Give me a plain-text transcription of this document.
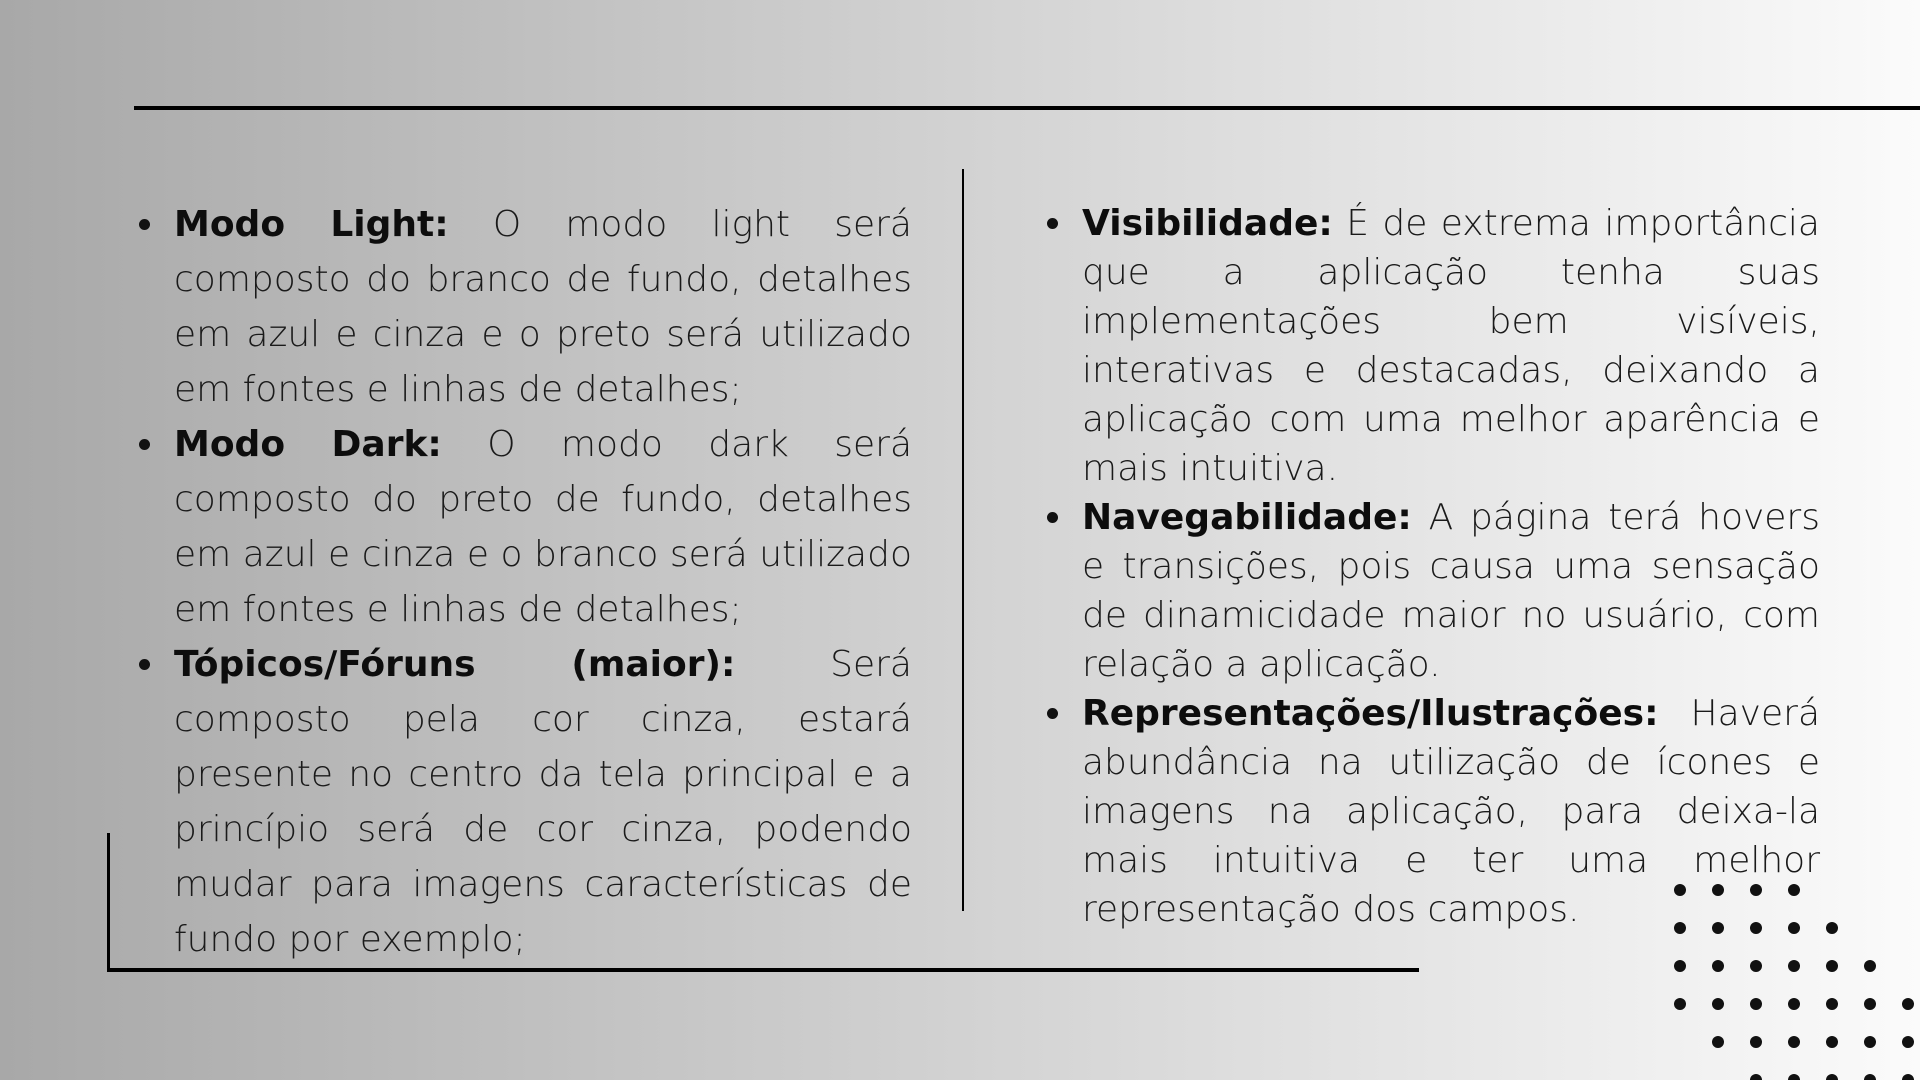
Modo Light: O modo light será composto do branco de fundo, detalhes em azul e cinza e o preto será utilizado em fontes e linhas de detalhes;
Modo Dark: O modo dark será composto do preto de fundo, detalhes em azul e cinza e o branco será utilizado em fontes e linhas de detalhes;
Tópicos/Fóruns (maior): Será composto pela cor cinza, estará presente no centro da tela principal e a princípio será de cor cinza, podendo mudar para imagens características de fundo por exemplo;
Visibilidade: É de extrema importância que a aplicação tenha suas implementações bem visíveis, interativas e destacadas, deixando a aplicação com uma melhor aparência e mais intuitiva.
Navegabilidade: A página terá hovers e transições, pois causa uma sensação de dinamicidade maior no usuário, com relação a aplicação.
Representações/Ilustrações: Haverá abundância na utilização de ícones e imagens na aplicação, para deixa-la mais intuitiva e ter uma melhor representação dos campos.
